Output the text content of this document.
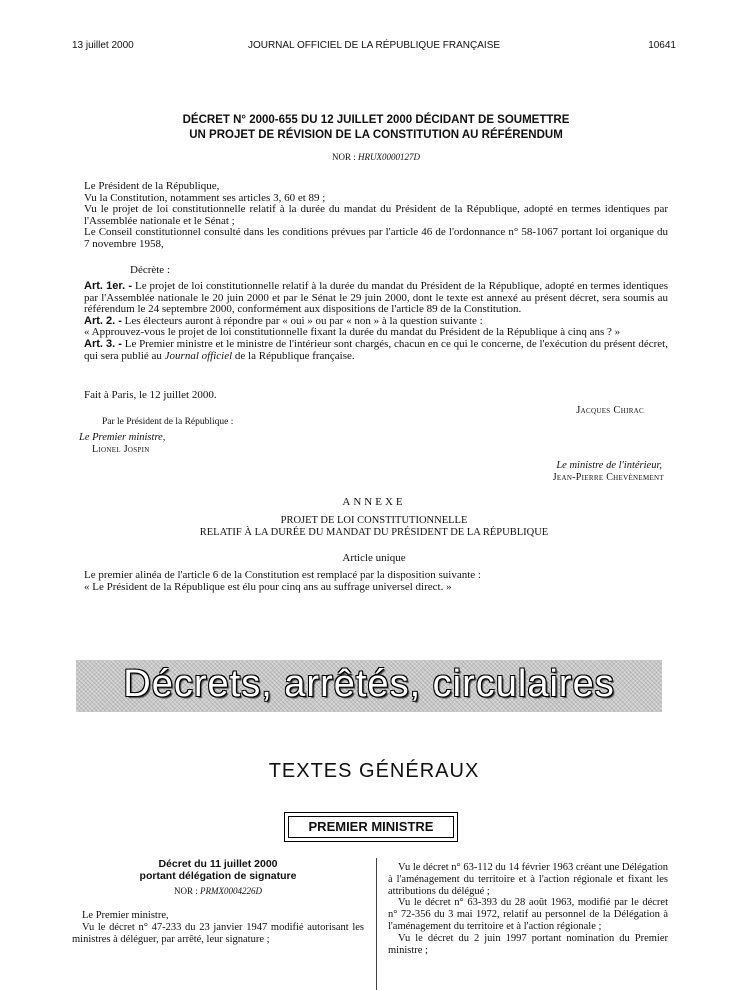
13 juillet 2000	JOURNAL OFFICIEL DE LA RÉPUBLIQUE FRANÇAISE	10641
DÉCRET N° 2000-655 DU 12 JUILLET 2000 DÉCIDANT DE SOUMETTRE
UN PROJET DE RÉVISION DE LA CONSTITUTION AU RÉFÉRENDUM
NOR : HRUX0000127D

Le Président de la République,

Vu la Constitution, notamment ses articles 3, 60 et 89 ;

Vu le projet de loi constitutionnelle relatif à la durée du mandat du Président de la République, adopté en termes identiques par l'Assemblée nationale et le Sénat ;

Le Conseil constitutionnel consulté dans les conditions prévues par l'article 46 de l'ordonnance n° 58-1067 portant loi organique du 7 novembre 1958,

Décrète :

Art. 1er. - Le projet de loi constitutionnelle relatif à la durée du mandat du Président de la République, adopté en termes identiques par l'Assemblée nationale le 20 juin 2000 et par le Sénat le 29 juin 2000, dont le texte est annexé au présent décret, sera soumis au référendum le 24 septembre 2000, conformément aux dispositions de l'article 89 de la Constitution.

Art. 2. - Les électeurs auront à répondre par « oui » ou par « non » à la question suivante :

« Approuvez-vous le projet de loi constitutionnelle fixant la durée du mandat du Président de la République à cinq ans ? »

Art. 3. - Le Premier ministre et le ministre de l'intérieur sont chargés, chacun en ce qui le concerne, de l'exécution du présent décret, qui sera publié au Journal officiel de la République française.

Fait à Paris, le 12 juillet 2000.
Jacques Chirac
Par le Président de la République :
Le Premier ministre,
Lionel Jospin
Le ministre de l'intérieur,
Jean-Pierre Chevènement
ANNEXE
PROJET DE LOI CONSTITUTIONNELLE
RELATIF À LA DURÉE DU MANDAT DU PRÉSIDENT DE LA RÉPUBLIQUE
Article unique

Le premier alinéa de l'article 6 de la Constitution est remplacé par la disposition suivante :

« Le Président de la République est élu pour cinq ans au suffrage universel direct. »

Décrets, arrêtés, circulaires
TEXTES GÉNÉRAUX
PREMIER MINISTRE
Décret du 11 juillet 2000
portant délégation de signature
NOR : PRMX0004226D

Le Premier ministre,

Vu le décret n° 47-233 du 23 janvier 1947 modifié autorisant les ministres à déléguer, par arrêté, leur signature ;

Vu le décret n° 63-112 du 14 février 1963 créant une Délégation à l'aménagement du territoire et à l'action régionale et fixant les attributions du délégué ;

Vu le décret n° 63-393 du 28 août 1963, modifié par le décret n° 72-356 du 3 mai 1972, relatif au personnel de la Délégation à l'aménagement du territoire et à l'action régionale ;

Vu le décret du 2 juin 1997 portant nomination du Premier ministre ;
